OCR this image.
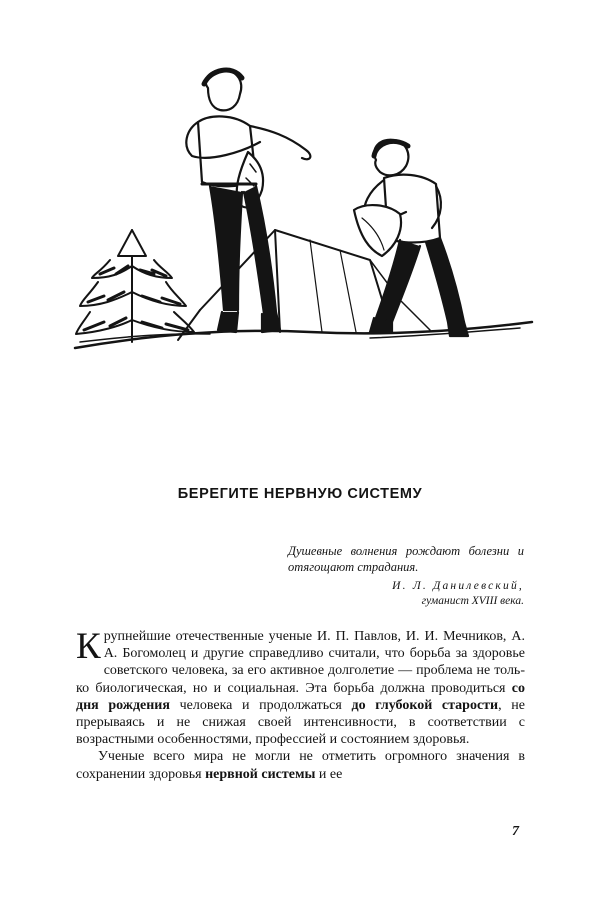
БЕРЕГИТЕ НЕРВНУЮ СИСТЕМУ

Душевные волнения рождают болезни и отягощают страдания.

И. Л. Данилевский,
гуманист XVIII века.

Крупнейшие отечественные ученые И. П. Павлов, И. И. Мечников, А. А. Богомолец и другие справедливо считали, что борьба за здоровье советского человека, за его активное долголетие — проблема не только биологическая, но и социальная. Эта борьба должна проводиться со дня рождения человека и продолжаться до глубокой старости, не прерываясь и не снижая своей интенсивности, в соответствии с возрастными особенностями, профессией и состоянием здоровья.

Ученые всего мира не могли не отметить огромного значения в сохранении здоровья нервной системы и ее

7
